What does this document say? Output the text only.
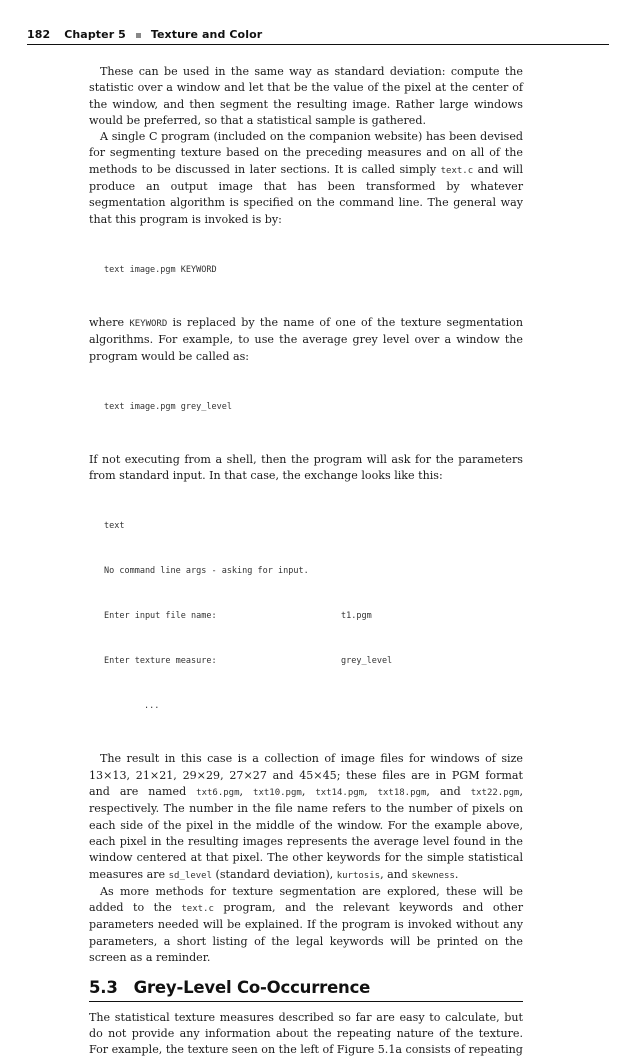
182 Chapter 5 Texture and Color

These can be used in the same way as standard deviation: compute the statistic over a window and let that be the value of the pixel at the center of the window, and then segment the resulting image. Rather large windows would be preferred, so that a statistical sample is gathered.

A single C program (included on the companion website) has been devised for segmenting texture based on the preceding measures and on all of the methods to be discussed in later sections. It is called simply text.c and will produce an output image that has been transformed by whatever segmentation algorithm is specified on the command line. The general way that this program is invoked is by:

text image.pgm KEYWORD

where KEYWORD is replaced by the name of one of the texture segmentation algorithms. For example, to use the average grey level over a window the program would be called as:

text image.pgm grey_level

If not executing from a shell, then the program will ask for the parameters from standard input. In that case, the exchange looks like this:

text

No command line args - asking for input.

Enter input file name:	t1.pgm

Enter texture measure:	grey_level

...

The result in this case is a collection of image files for windows of size 13×13, 21×21, 29×29, 27×27 and 45×45; these files are in PGM format and are named txt6.pgm, txt10.pgm, txt14.pgm, txt18.pgm, and txt22.pgm, respectively. The number in the file name refers to the number of pixels on each side of the pixel in the middle of the window. For the example above, each pixel in the resulting images represents the average level found in the window centered at that pixel. The other keywords for the simple statistical measures are sd_level (standard deviation), kurtosis, and skewness.

As more methods for texture segmentation are explored, these will be added to the text.c program, and the relevant keywords and other parameters needed will be explained. If the program is invoked without any parameters, a short listing of the legal keywords will be printed on the screen as a reminder.

5.3 Grey-Level Co-Occurrence

The statistical texture measures described so far are easy to calculate, but do not provide any information about the repeating nature of the texture. For example, the texture seen on the left of Figure 5.1a consists of repeating
